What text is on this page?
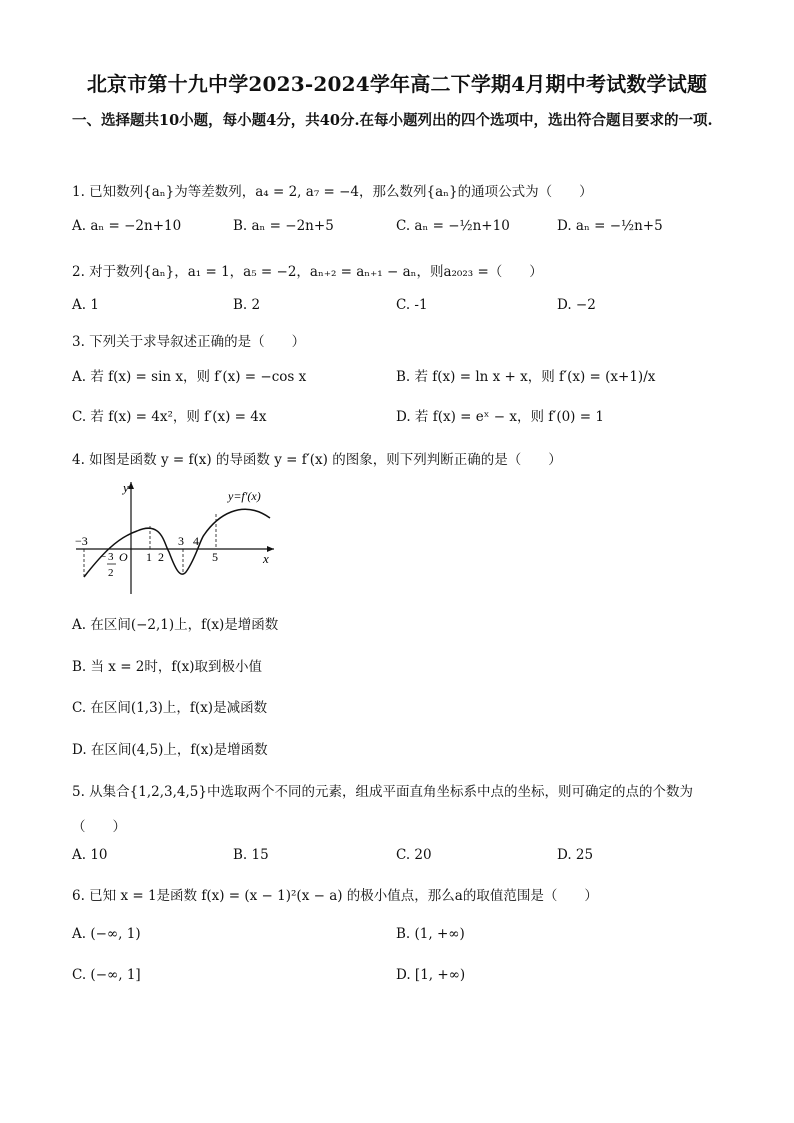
北京市第十九中学2023-2024学年高二下学期4月期中考试数学试题
一、选择题共10小题，每小题4分，共40分.在每小题列出的四个选项中，选出符合题目要求的一项.
1. 已知数列{aₙ}为等差数列，a₄ = 2, a₇ = −4，那么数列{aₙ}的通项公式为（　　）
A. aₙ = −2n+10	B. aₙ = −2n+5	C. aₙ = −½n+10	D. aₙ = −½n+5
2. 对于数列{aₙ}，a₁ = 1，a₅ = −2，aₙ₊₂ = aₙ₊₁ − aₙ，则a₂₀₂₃ =（　　）
A. 1	B. 2	C. -1	D. −2
3. 下列关于求导叙述正确的是（　　）
A. 若 f(x) = sin x，则 f′(x) = −cos x	B. 若 f(x) = ln x + x，则 f′(x) = (x+1)/x
C. 若 f(x) = 4x²，则 f′(x) = 4x	D. 若 f(x) = eˣ − x，则 f′(0) = 1
4. 如图是函数 y = f(x) 的导函数 y = f′(x) 的图象，则下列判断正确的是（　　）
y
x
y=f′(x)
O
−3
− 3
2
1 2
3 4
5
A. 在区间(−2,1)上，f(x)是增函数
B. 当 x = 2时，f(x)取到极小值
C. 在区间(1,3)上，f(x)是减函数
D. 在区间(4,5)上，f(x)是增函数
5. 从集合{1,2,3,4,5}中选取两个不同的元素，组成平面直角坐标系中点的坐标，则可确定的点的个数为
（　　）
A. 10	B. 15	C. 20	D. 25
6. 已知 x = 1是函数 f(x) = (x − 1)²(x − a) 的极小值点，那么a的取值范围是（　　）
A. (−∞, 1)	B. (1, +∞)
C. (−∞, 1]	D. [1, +∞)
